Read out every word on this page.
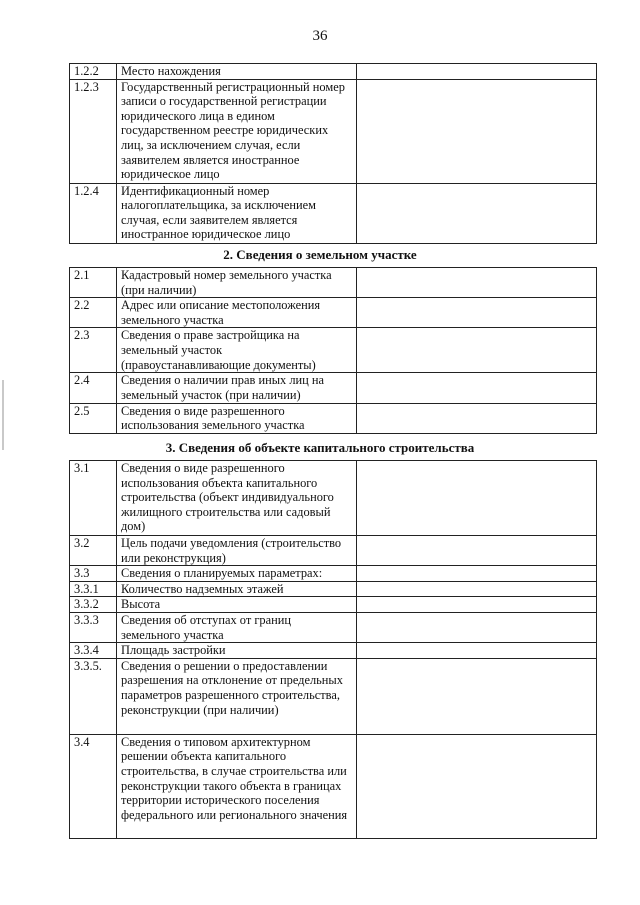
36
1.2.2	Место нахождения	
1.2.3	Государственный регистрационный номер записи о государственной регистрации юридического лица в едином государственном реестре юридических лиц, за исключением случая, если заявителем является иностранное юридическое лицо	
1.2.4	Идентификационный номер налогоплательщика, за исключением случая, если заявителем является иностранное юридическое лицо	
2. Сведения о земельном участке
2.1	Кадастровый номер земельного участка (при наличии)	
2.2	Адрес или описание местоположения земельного участка	
2.3	Сведения о праве застройщика на земельный участок (правоустанавливающие документы)	
2.4	Сведения о наличии прав иных лиц на земельный участок (при наличии)	
2.5	Сведения о виде разрешенного использования земельного участка	
3. Сведения об объекте капитального строительства
3.1	Сведения о виде разрешенного использования объекта капитального строительства (объект индивидуального жилищного строительства или садовый дом)	
3.2	Цель подачи уведомления (строительство или реконструкция)	
3.3	Сведения о планируемых параметрах:	
3.3.1	Количество надземных этажей	
3.3.2	Высота	
3.3.3	Сведения об отступах от границ земельного участка	
3.3.4	Площадь застройки	
3.3.5.	Сведения о решении о предоставлении разрешения на отклонение от предельных параметров разрешенного строительства, реконструкции (при наличии)	
3.4	Сведения о типовом архитектурном решении объекта капитального строительства, в случае строительства или реконструкции такого объекта в границах территории исторического поселения федерального или регионального значения	
